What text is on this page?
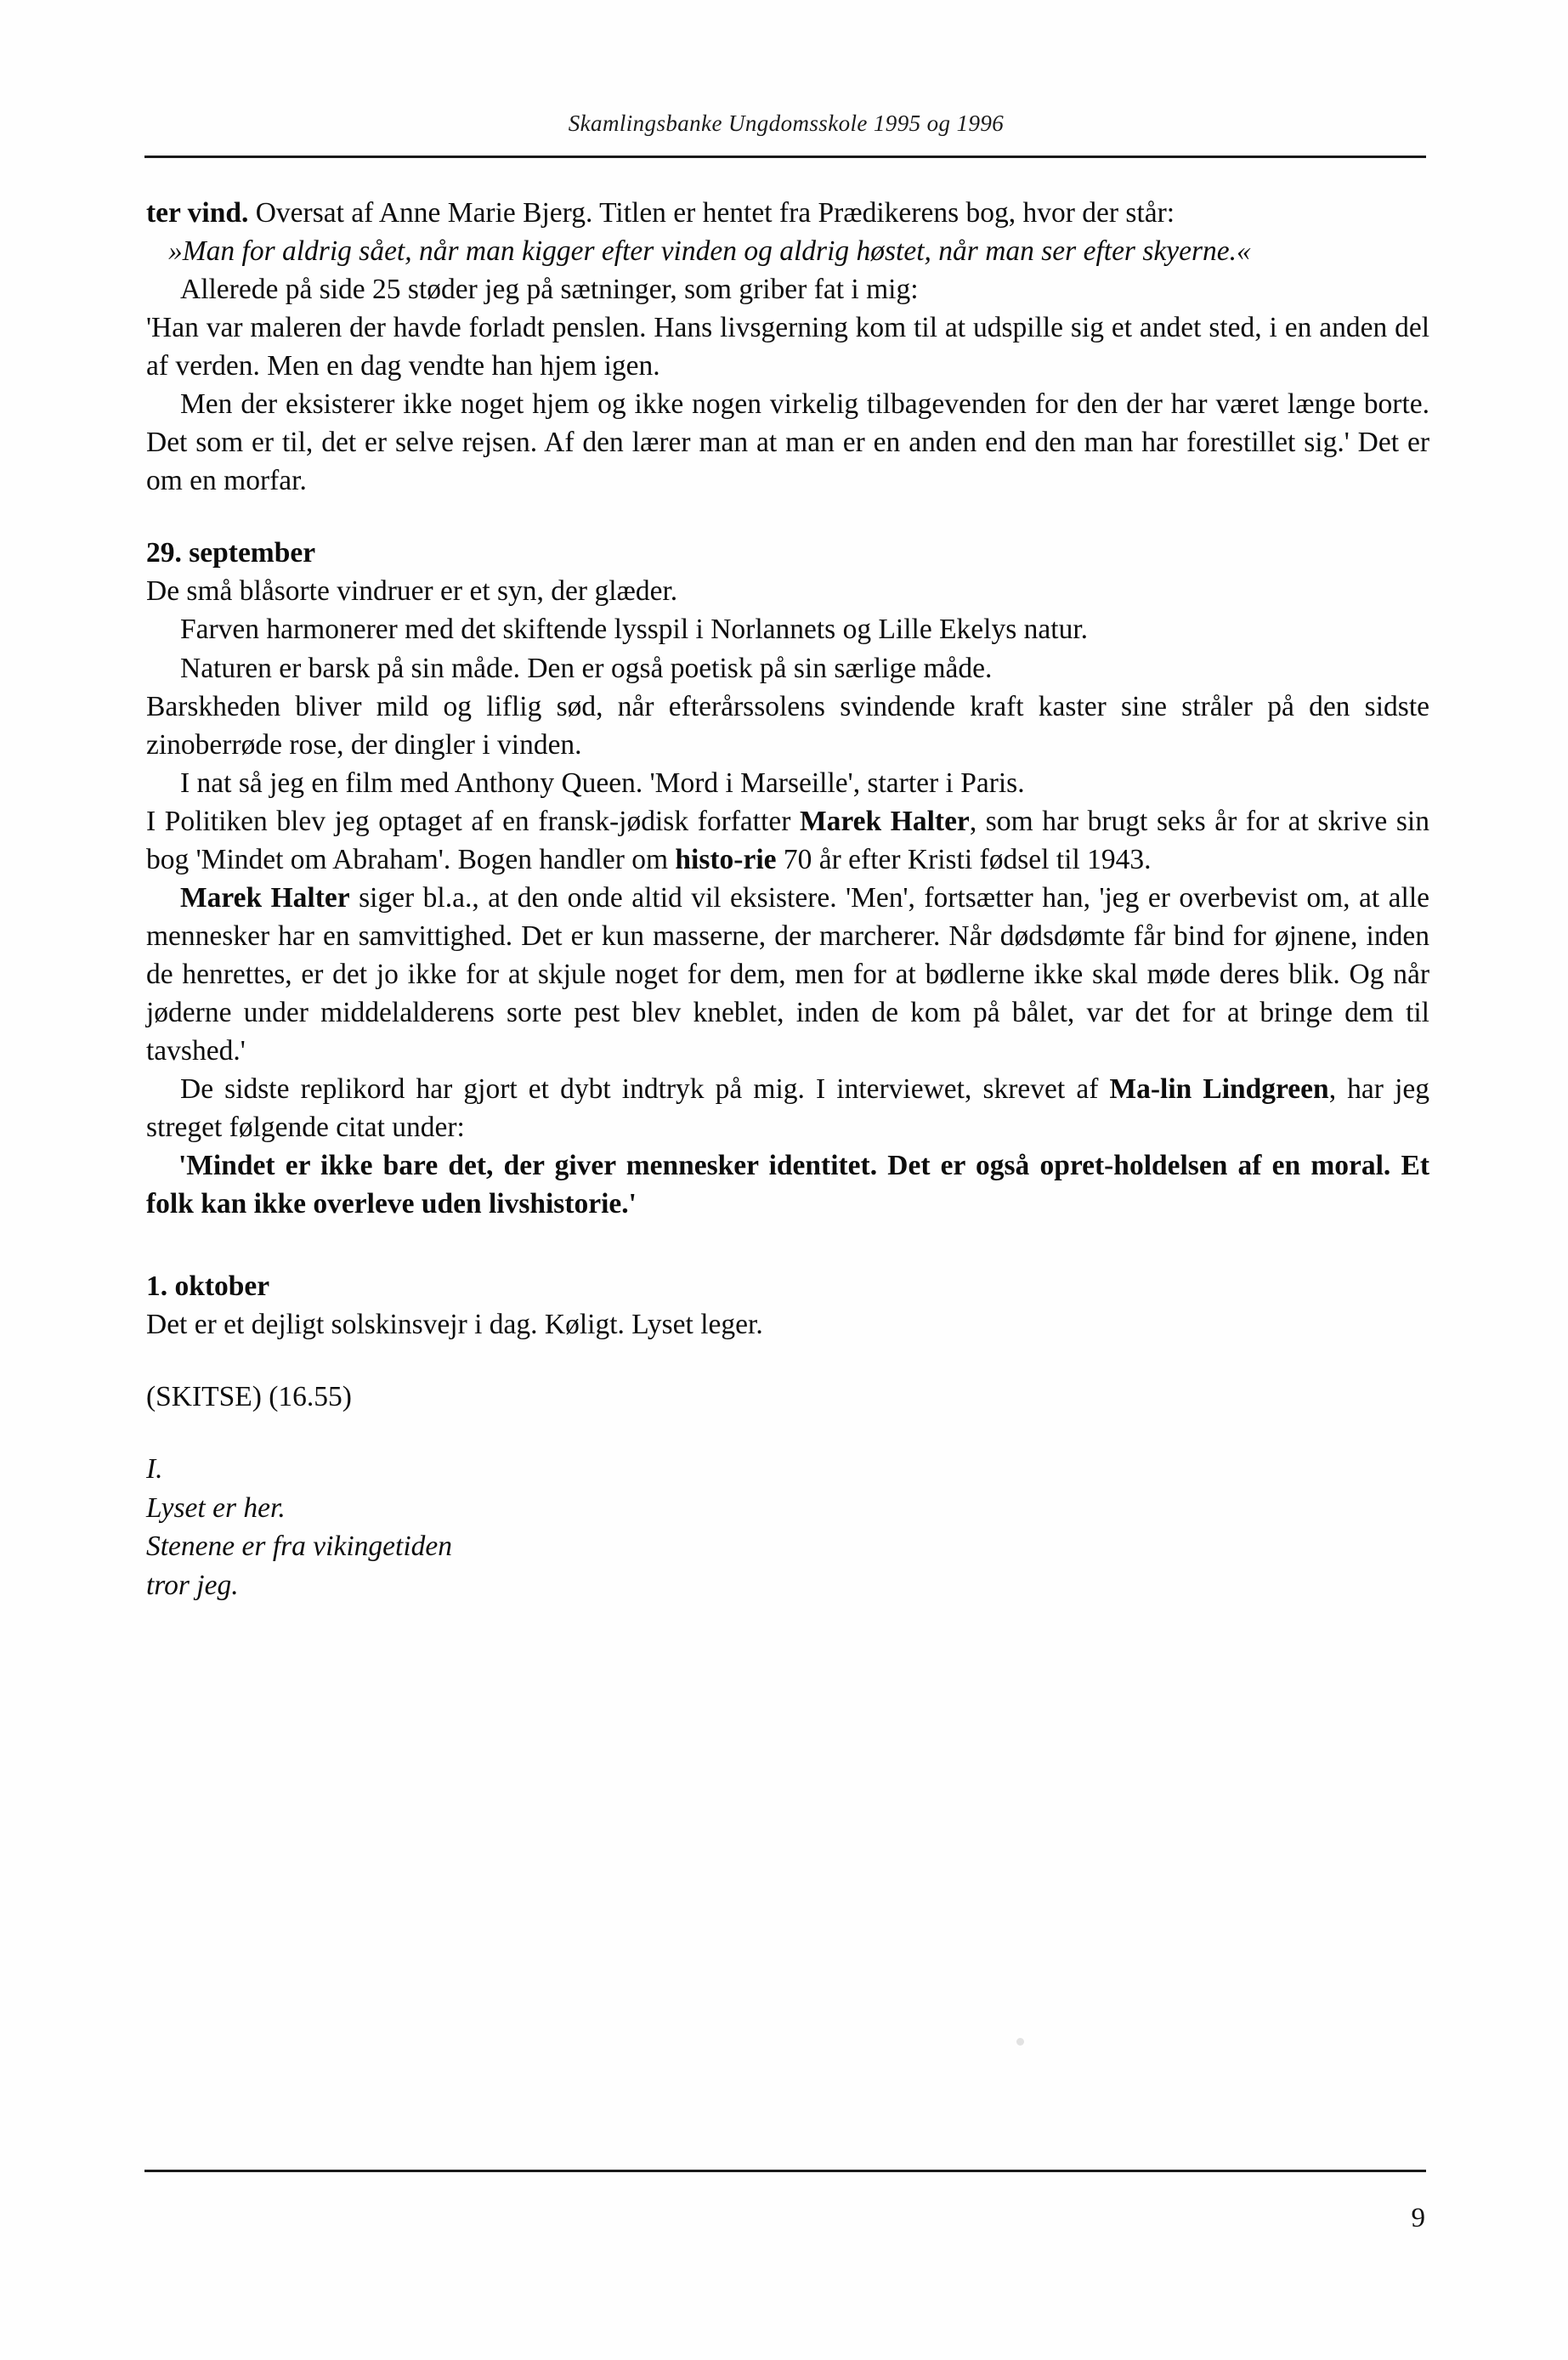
Skamlingsbanke Ungdomsskole 1995 og 1996

ter vind. Oversat af Anne Marie Bjerg. Titlen er hentet fra Prædikerens bog, hvor der står:

»Man for aldrig sået, når man kigger efter vinden og aldrig høstet, når man ser efter skyerne.«

Allerede på side 25 støder jeg på sætninger, som griber fat i mig:

'Han var maleren der havde forladt penslen. Hans livsgerning kom til at udspille sig et andet sted, i en anden del af verden. Men en dag vendte han hjem igen.

Men der eksisterer ikke noget hjem og ikke nogen virkelig tilbagevenden for den der har været længe borte. Det som er til, det er selve rejsen. Af den lærer man at man er en anden end den man har forestillet sig.' Det er om en morfar.

29. september

De små blåsorte vindruer er et syn, der glæder.

Farven harmonerer med det skiftende lysspil i Norlannets og Lille Ekelys natur.

Naturen er barsk på sin måde. Den er også poetisk på sin særlige måde.

Barskheden bliver mild og liflig sød, når efterårssolens svindende kraft kaster sine stråler på den sidste zinoberrøde rose, der dingler i vinden.

I nat så jeg en film med Anthony Queen. 'Mord i Marseille', starter i Paris.

I Politiken blev jeg optaget af en fransk-jødisk forfatter Marek Halter, som har brugt seks år for at skrive sin bog 'Mindet om Abraham'. Bogen handler om histo-rie 70 år efter Kristi fødsel til 1943.

Marek Halter siger bl.a., at den onde altid vil eksistere. 'Men', fortsætter han, 'jeg er overbevist om, at alle mennesker har en samvittighed. Det er kun masserne, der marcherer. Når dødsdømte får bind for øjnene, inden de henrettes, er det jo ikke for at skjule noget for dem, men for at bødlerne ikke skal møde deres blik. Og når jøderne under middelalderens sorte pest blev kneblet, inden de kom på bålet, var det for at bringe dem til tavshed.'

De sidste replikord har gjort et dybt indtryk på mig. I interviewet, skrevet af Ma-lin Lindgreen, har jeg streget følgende citat under:

'Mindet er ikke bare det, der giver mennesker identitet. Det er også opret-holdelsen af en moral. Et folk kan ikke overleve uden livshistorie.'

1. oktober

Det er et dejligt solskinsvejr i dag. Køligt. Lyset leger.

(SKITSE) (16.55)

I.

Lyset er her.

Stenene er fra vikingetiden

tror jeg.

9
